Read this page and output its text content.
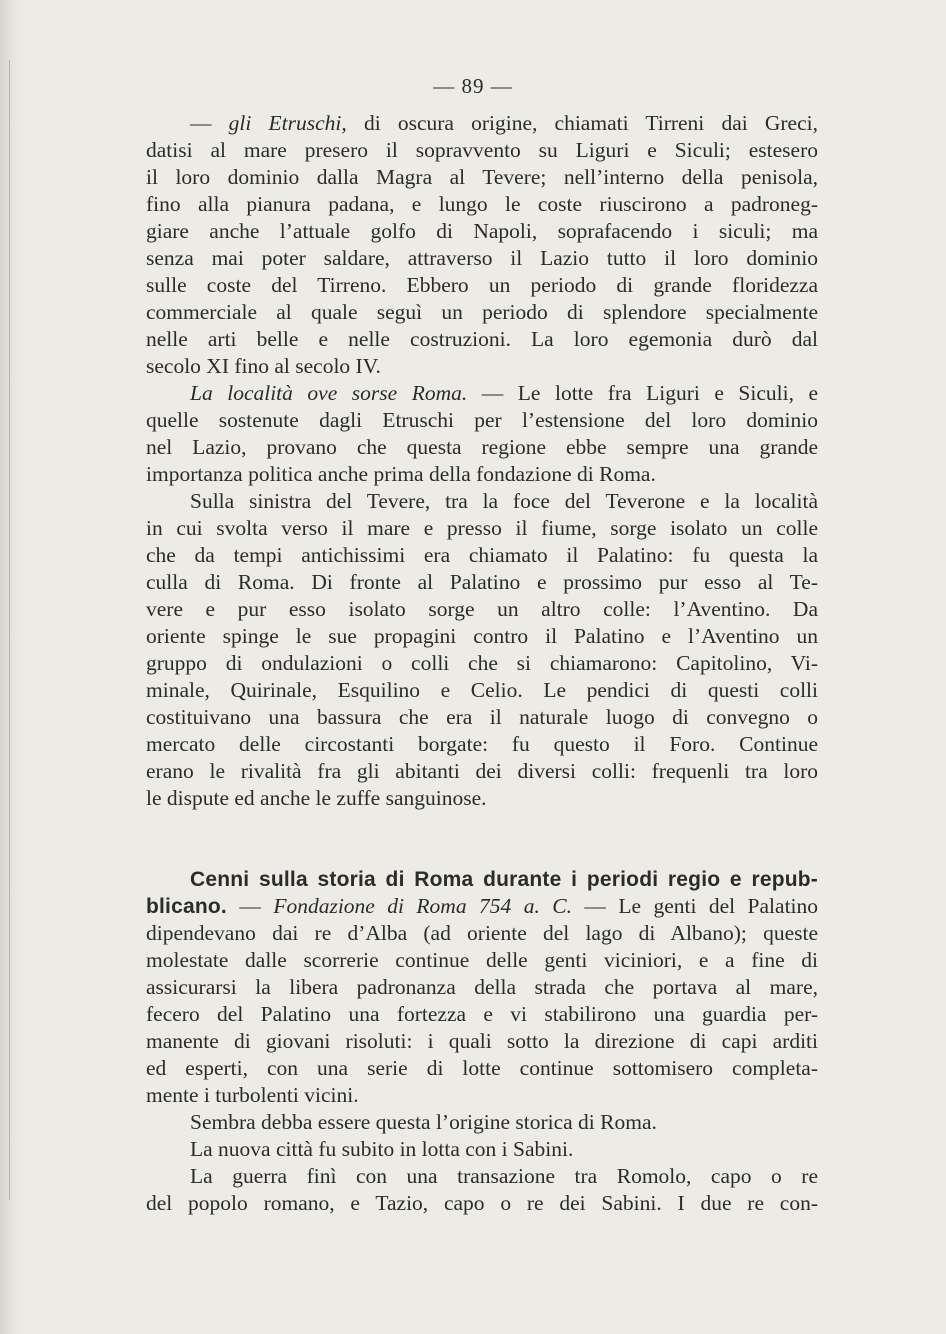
— 89 —
— gli Etruschi, di oscura origine, chiamati Tirreni dai Greci,
datisi al mare presero il sopravvento su Liguri e Siculi; estesero
il loro dominio dalla Magra al Tevere; nell’interno della penisola,
fino alla pianura padana, e lungo le coste riuscirono a padroneg-
giare anche l’attuale golfo di Napoli, soprafacendo i siculi; ma
senza mai poter saldare, attraverso il Lazio tutto il loro dominio
sulle coste del Tirreno. Ebbero un periodo di grande floridezza
commerciale al quale seguì un periodo di splendore specialmente
nelle arti belle e nelle costruzioni. La loro egemonia durò dal
secolo XI fino al secolo IV.
La località ove sorse Roma. — Le lotte fra Liguri e Siculi, e
quelle sostenute dagli Etruschi per l’estensione del loro dominio
nel Lazio, provano che questa regione ebbe sempre una grande
importanza politica anche prima della fondazione di Roma.
Sulla sinistra del Tevere, tra la foce del Teverone e la località
in cui svolta verso il mare e presso il fiume, sorge isolato un colle
che da tempi antichissimi era chiamato il Palatino: fu questa la
culla di Roma. Di fronte al Palatino e prossimo pur esso al Te-
vere e pur esso isolato sorge un altro colle: l’Aventino. Da
oriente spinge le sue propagini contro il Palatino e l’Aventino un
gruppo di ondulazioni o colli che si chiamarono: Capitolino, Vi-
minale, Quirinale, Esquilino e Celio. Le pendici di questi colli
costituivano una bassura che era il naturale luogo di convegno o
mercato delle circostanti borgate: fu questo il Foro. Continue
erano le rivalità fra gli abitanti dei diversi colli: frequenli tra loro
le dispute ed anche le zuffe sanguinose.
Cenni sulla storia di Roma durante i periodi regio e repub-
blicano. — Fondazione di Roma 754 a. C. — Le genti del Palatino
dipendevano dai re d’Alba (ad oriente del lago di Albano); queste
molestate dalle scorrerie continue delle genti viciniori, e a fine di
assicurarsi la libera padronanza della strada che portava al mare,
fecero del Palatino una fortezza e vi stabilirono una guardia per-
manente di giovani risoluti: i quali sotto la direzione di capi arditi
ed esperti, con una serie di lotte continue sottomisero completa-
mente i turbolenti vicini.
Sembra debba essere questa l’origine storica di Roma.
La nuova città fu subito in lotta con i Sabini.
La guerra finì con una transazione tra Romolo, capo o re
del popolo romano, e Tazio, capo o re dei Sabini. I due re con-
